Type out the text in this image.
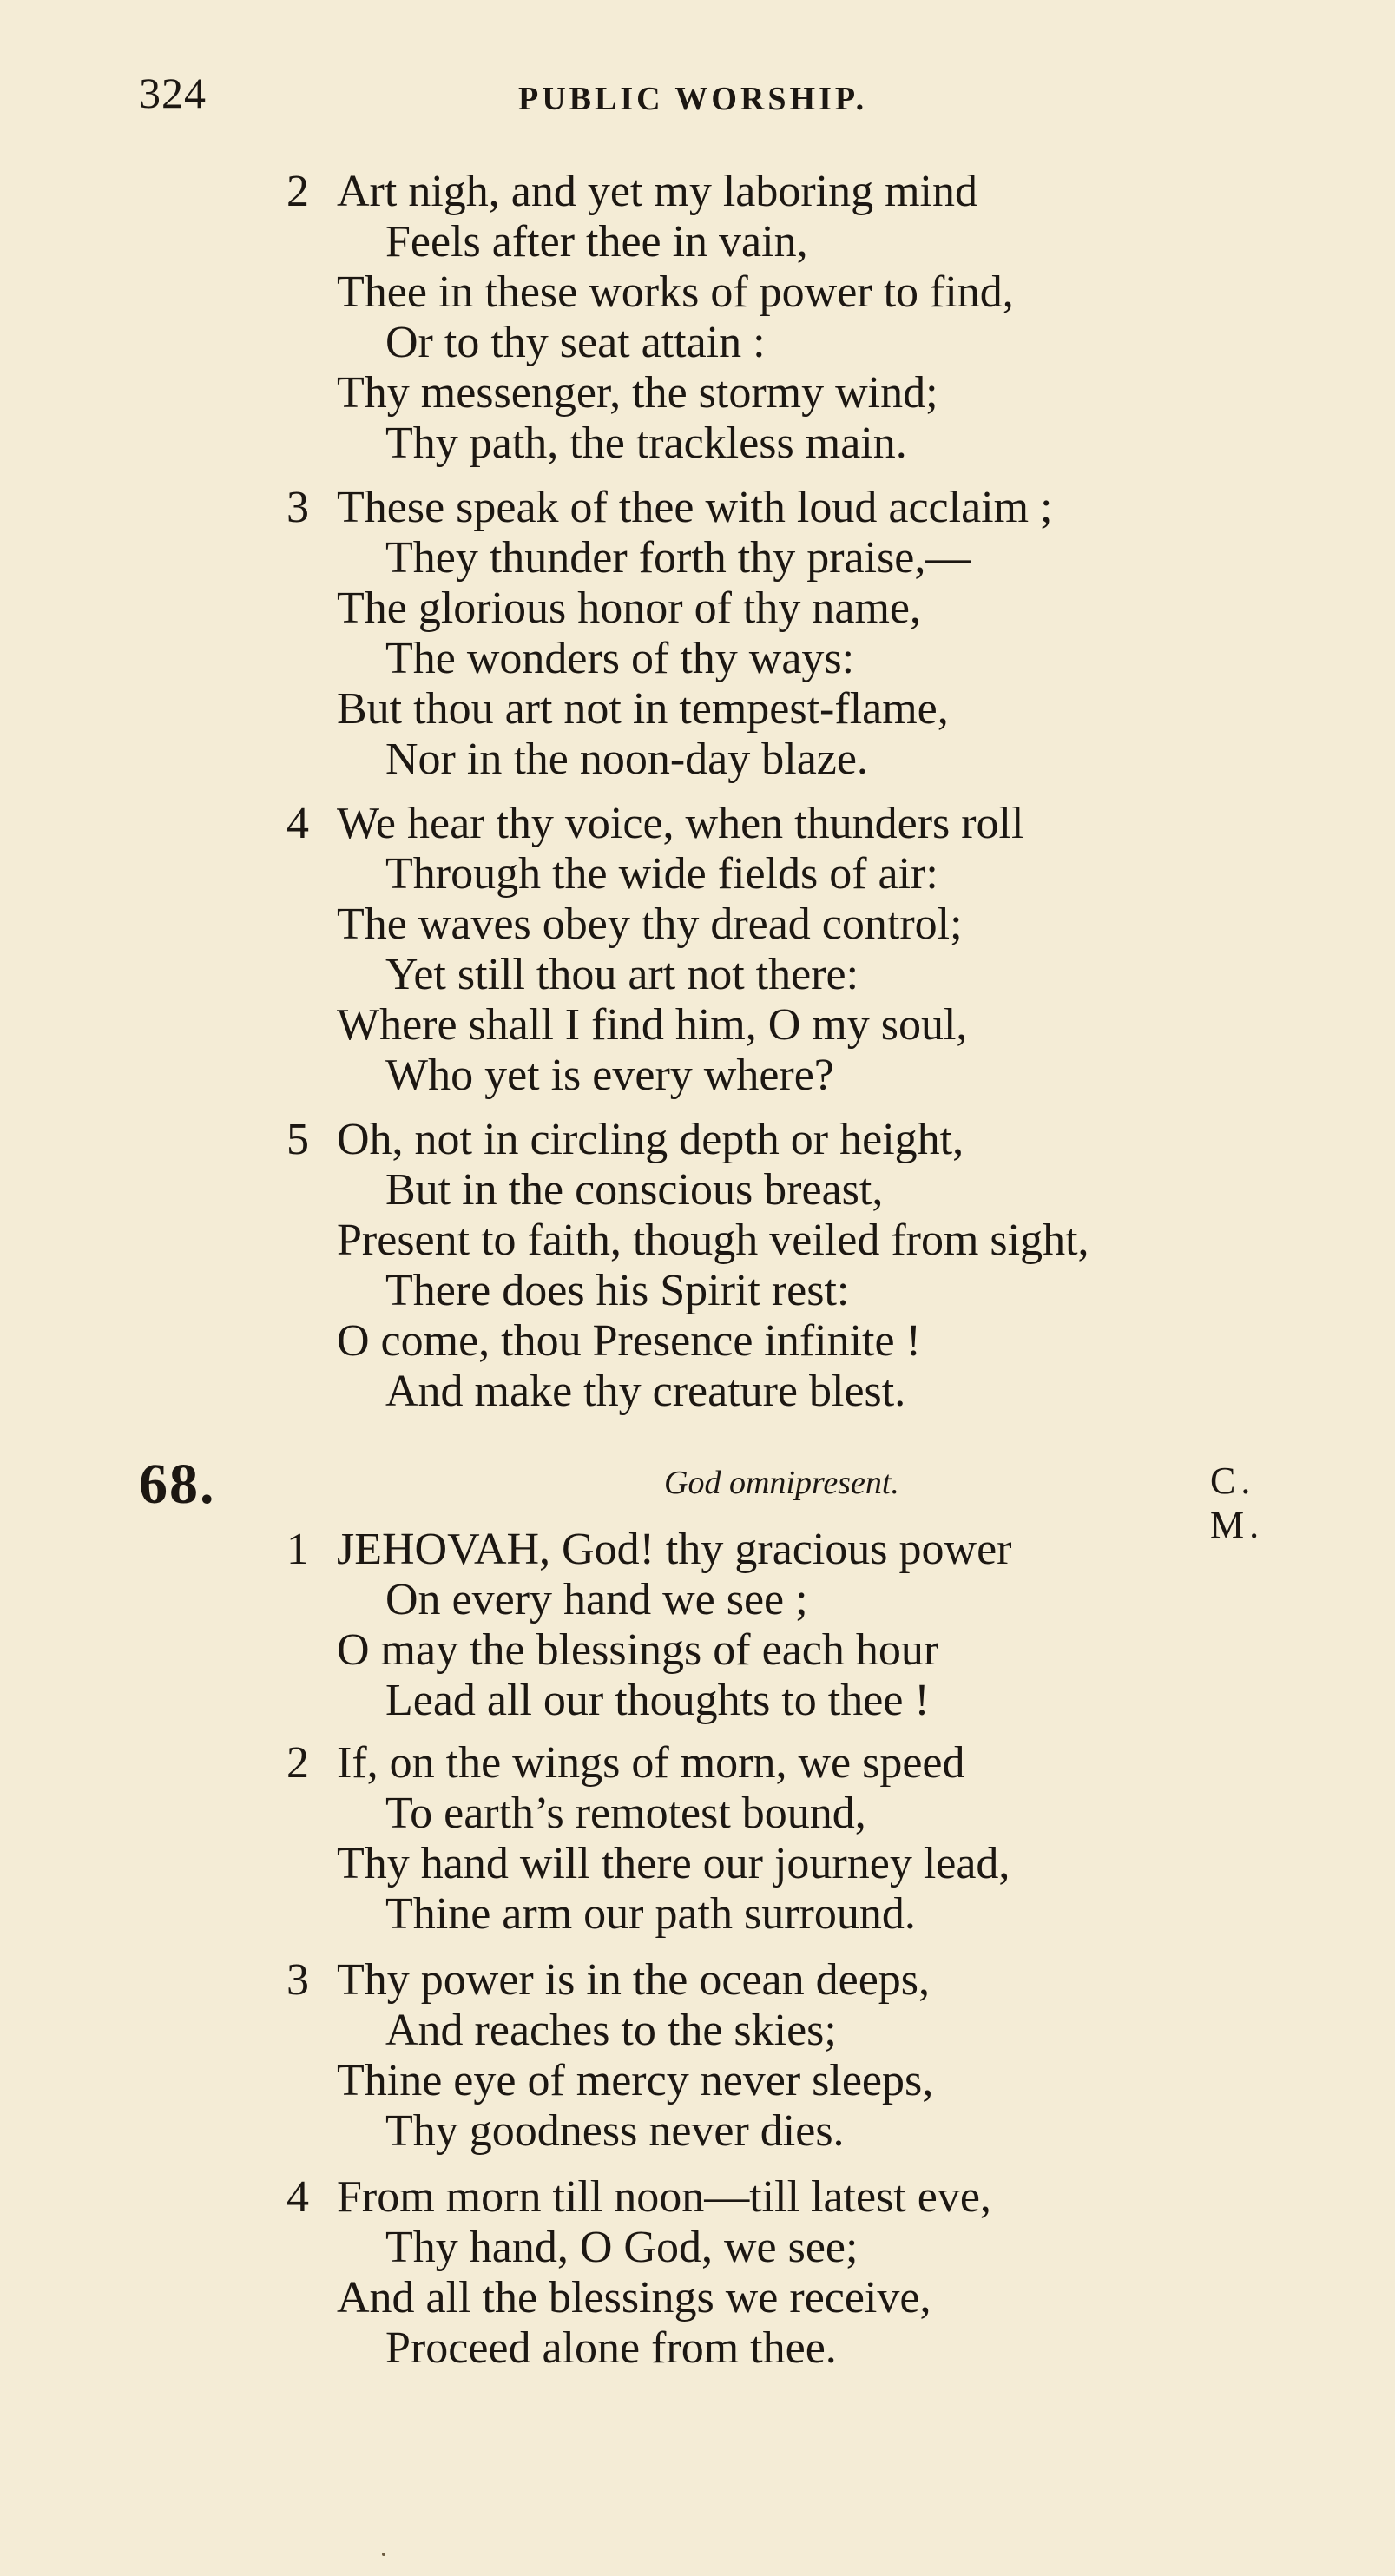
324	PUBLIC WORSHIP.
2 Art nigh, and yet my laboring mind
Feels after thee in vain,
Thee in these works of power to find,
Or to thy seat attain :
Thy messenger, the stormy wind;
Thy path, the trackless main.
3 These speak of thee with loud acclaim ;
They thunder forth thy praise,—
The glorious honor of thy name,
The wonders of thy ways:
But thou art not in tempest-flame,
Nor in the noon-day blaze.
4 We hear thy voice, when thunders roll
Through the wide fields of air:
The waves obey thy dread control;
Yet still thou art not there:
Where shall I find him, O my soul,
Who yet is every where?
5 Oh, not in circling depth or height,
But in the conscious breast,
Present to faith, though veiled from sight,
There does his Spirit rest:
O come, thou Presence infinite !
And make thy creature blest.
68.	God omnipresent.	C. M.
1 JEHOVAH, God! thy gracious power
On every hand we see ;
O may the blessings of each hour
Lead all our thoughts to thee !
2 If, on the wings of morn, we speed
To earth’s remotest bound,
Thy hand will there our journey lead,
Thine arm our path surround.
3 Thy power is in the ocean deeps,
And reaches to the skies;
Thine eye of mercy never sleeps,
Thy goodness never dies.
4 From morn till noon—till latest eve,
Thy hand, O God, we see;
And all the blessings we receive,
Proceed alone from thee.
